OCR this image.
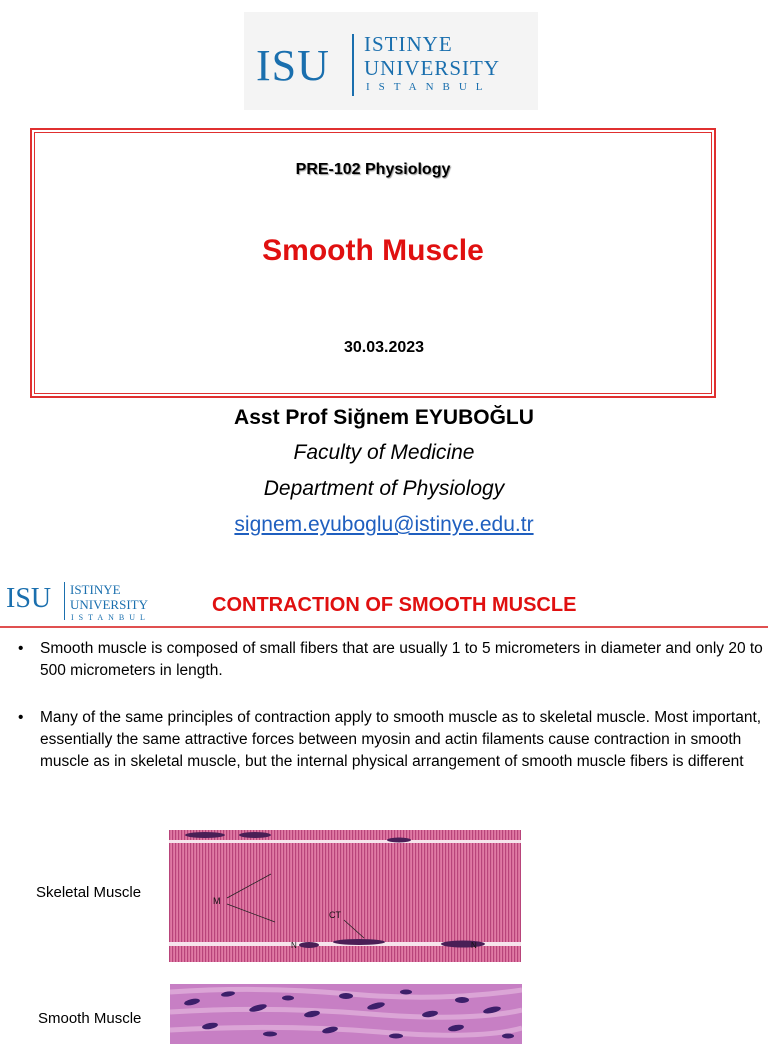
ISU ISTINYE
UNIVERSITY
ISTANBUL
PRE-102 Physiology
Smooth Muscle
30.03.2023
Asst Prof Siğnem EYUBOĞLU
Faculty of Medicine
Department of Physiology
signem.eyuboglu@istinye.edu.tr
ISU ISTINYE
UNIVERSITY
ISTANBUL
CONTRACTION OF SMOOTH MUSCLE
• Smooth muscle is composed of small fibers that are usually 1 to 5 micrometers in diameter and only 20 to 500 micrometers in length.
• Many of the same principles of contraction apply to smooth muscle as to skeletal muscle. Most important, essentially the same attractive forces between myosin and actin filaments cause contraction in smooth muscle as in skeletal muscle, but the internal physical arrangement of smooth muscle fibers is different
Skeletal Muscle
Smooth Muscle
M
CT
N	N
